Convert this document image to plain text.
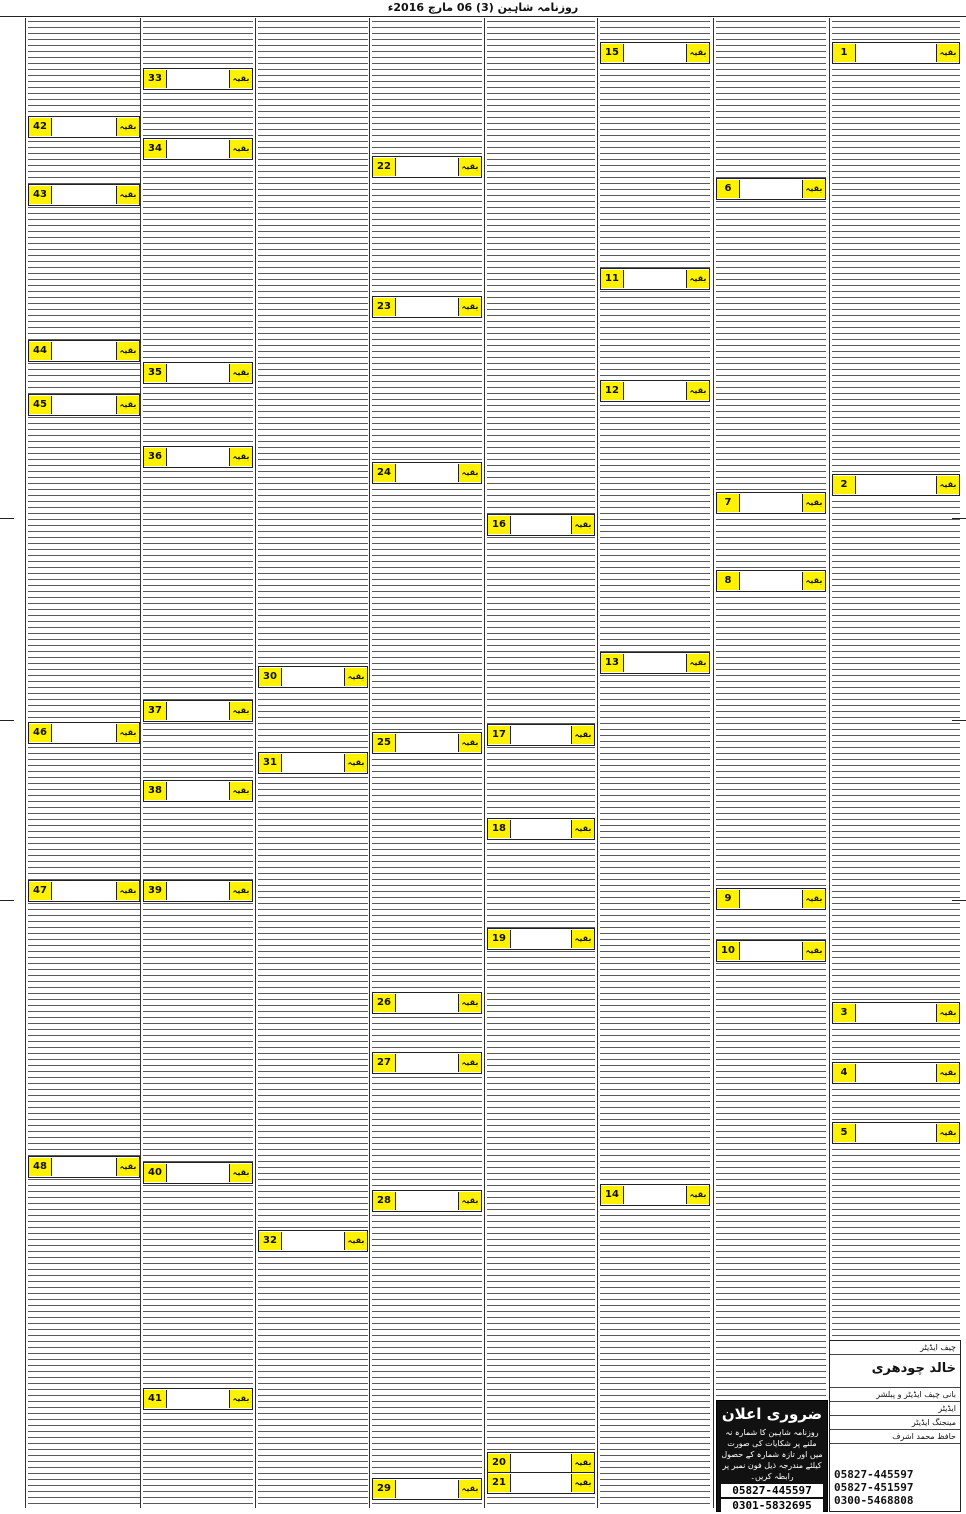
روزنامہ شاہین (3) 06 مارچ 2016ء
بقیہ
1
بقیہ
2
بقیہ
3
بقیہ
4
بقیہ
5
بقیہ
6
بقیہ
7
بقیہ
8
بقیہ
9
بقیہ
10
بقیہ
11
بقیہ
12
بقیہ
13
بقیہ
14
بقیہ
15
بقیہ
16
بقیہ
17
بقیہ
18
بقیہ
19
بقیہ
20
بقیہ
21
بقیہ
22
بقیہ
23
بقیہ
24
بقیہ
25
بقیہ
26
بقیہ
27
بقیہ
28
بقیہ
29
بقیہ
30
بقیہ
31
بقیہ
32
بقیہ
33
بقیہ
34
بقیہ
35
بقیہ
36
بقیہ
37
بقیہ
38
بقیہ
39
بقیہ
40
بقیہ
41
بقیہ
42
بقیہ
43
بقیہ
44
بقیہ
45
بقیہ
46
بقیہ
47
بقیہ
48
ضروری اعلان
روزنامہ شاہین کا شمارہ نہ ملنے پر شکایات کی صورت میں اور تازہ شمارہ کے حصول کیلئے مندرجہ ذیل فون نمبر پر رابطہ کریں۔
05827-445597
0301-5832695
چیف ایڈیٹر
خالد چودھری
بانی چیف ایڈیٹر و پبلشر
ایڈیٹر
مینجنگ ایڈیٹر
حافظ محمد اشرف
05827-445597
05827-451597
0300-5468808
